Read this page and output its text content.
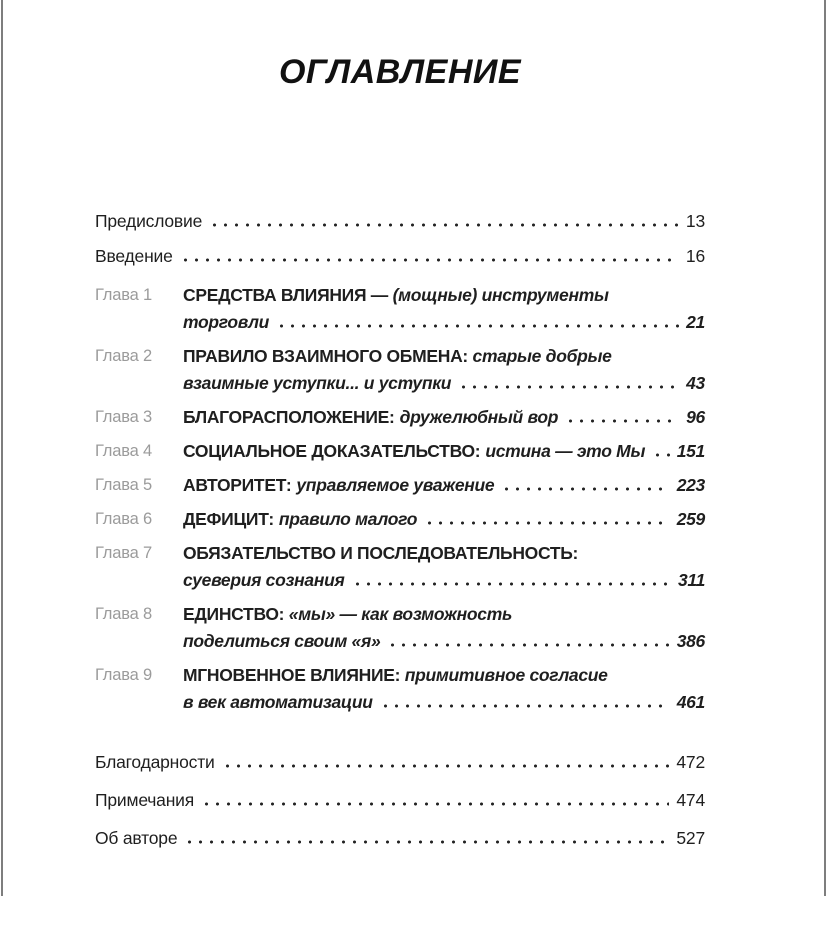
ОГЛАВЛЕНИЕ
Предисловие	13
Введение	16
Глава 1	СРЕДСТВА ВЛИЯНИЯ — (мощные) инструменты
торговли	21
Глава 2	ПРАВИЛО ВЗАИМНОГО ОБМЕНА: старые добрые
взаимные уступки... и уступки	43
Глава 3	БЛАГОРАСПОЛОЖЕНИЕ: дружелюбный вор	96
Глава 4	СОЦИАЛЬНОЕ ДОКАЗАТЕЛЬСТВО: истина — это Мы 151
Глава 5	АВТОРИТЕТ: управляемое уважение	223
Глава 6	ДЕФИЦИТ: правило малого	259
Глава 7	ОБЯЗАТЕЛЬСТВО И ПОСЛЕДОВАТЕЛЬНОСТЬ:
суеверия сознания	311
Глава 8	ЕДИНСТВО: «мы» — как возможность
поделиться своим «я»	386
Глава 9	МГНОВЕННОЕ ВЛИЯНИЕ: примитивное согласие
в век автоматизации	461
Благодарности	472
Примечания	474
Об авторе	527
